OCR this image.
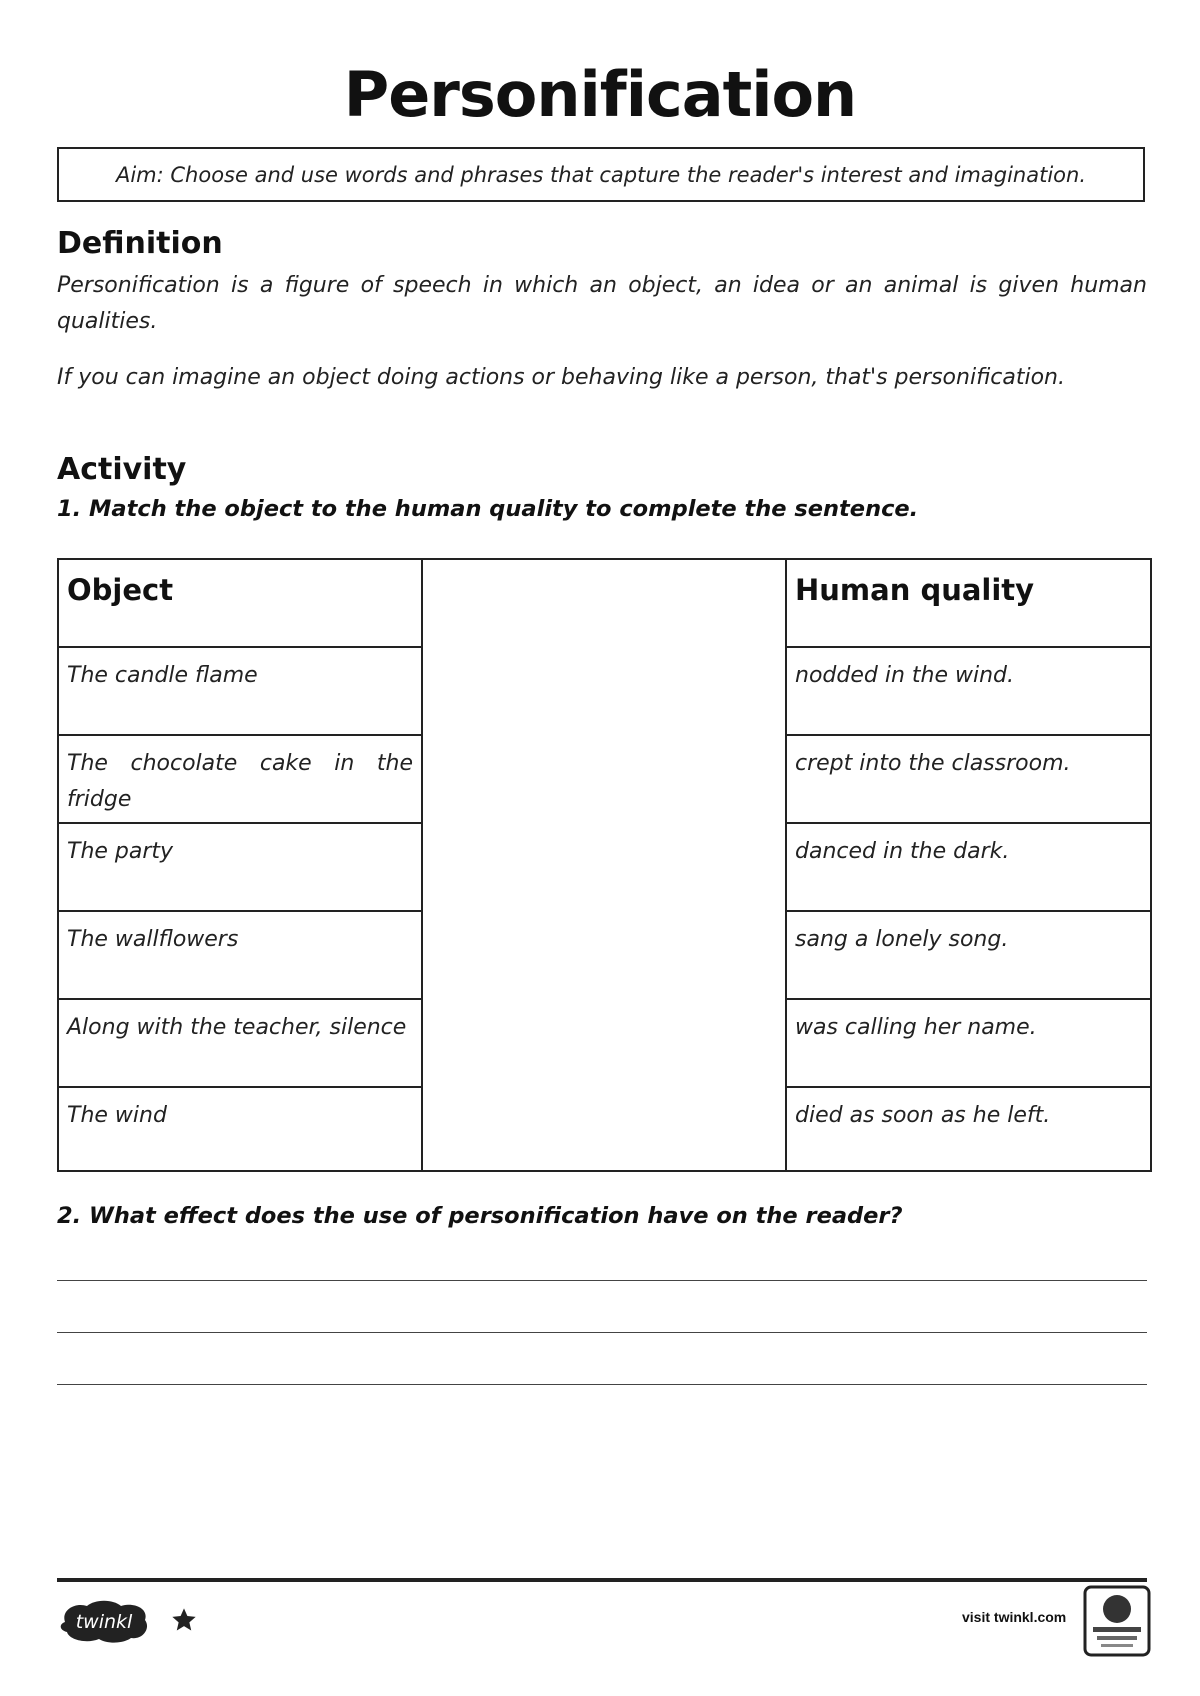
Personification
Aim: Choose and use words and phrases that capture the reader's interest and imagination.
Definition

Personification is a figure of speech in which an object, an idea or an animal is given human qualities.

If you can imagine an object doing actions or behaving like a person, that's personification.

Activity

1. Match the object to the human quality to complete the sentence.

Object
The candle flame
The chocolate cake in the fridge
The party
The wallflowers
Along with the teacher, silence
The wind
Human quality
nodded in the wind.
crept into the classroom.
danced in the dark.
sang a lonely song.
was calling her name.
died as soon as he left.

2. What effect does the use of personification have on the reader?

twinkl	visit twinkl.com
